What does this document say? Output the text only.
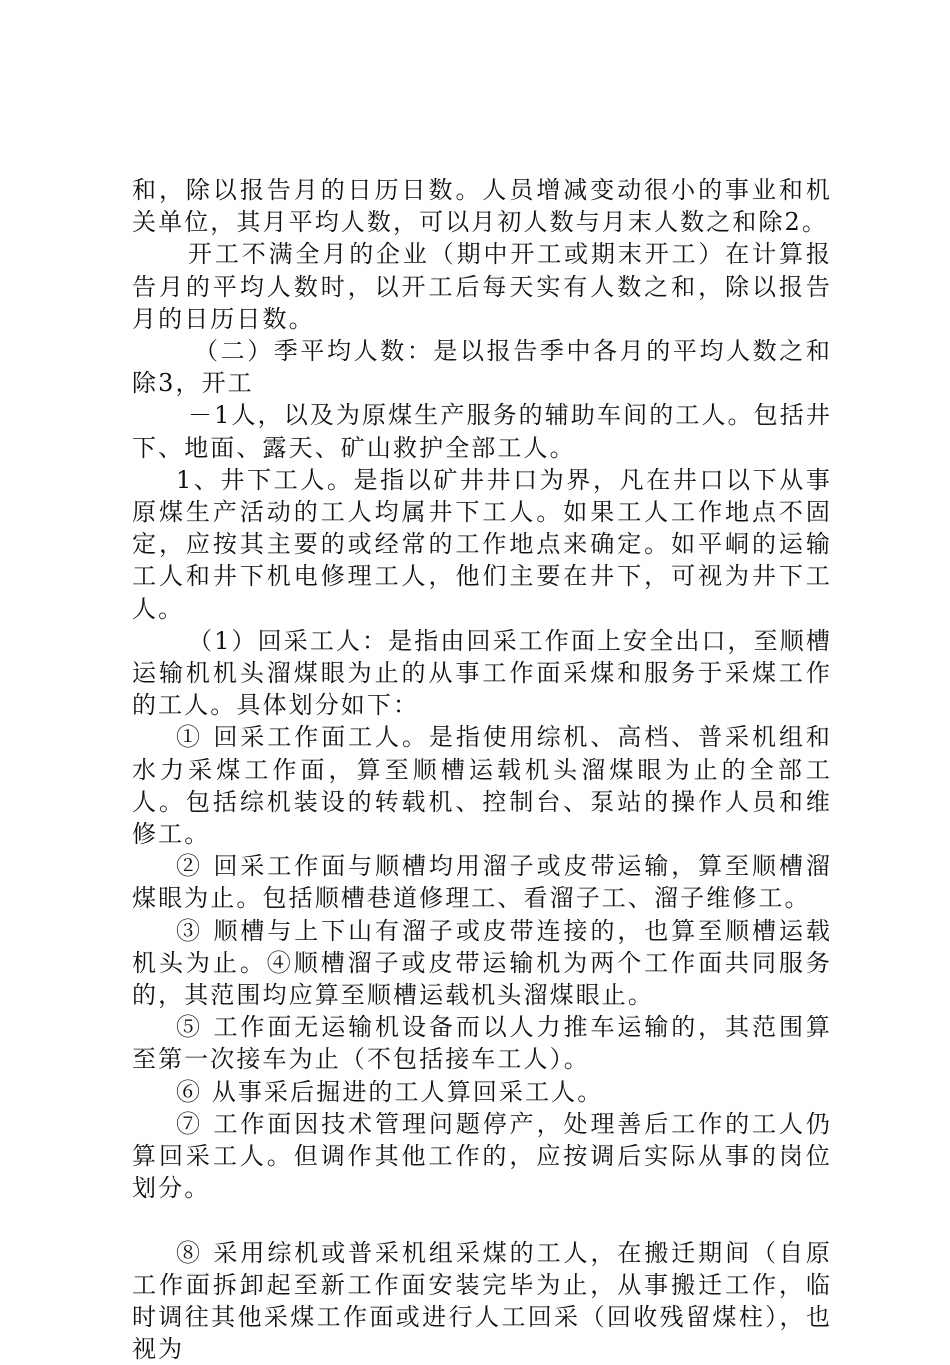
和，除以报告月的日历日数。人员增减变动很小的事业和机关单位，其月平均人数，可以月初人数与月末人数之和除2。

开工不满全月的企业（期中开工或期末开工）在计算报告月的平均人数时，以开工后每天实有人数之和，除以报告月的日历日数。

（二）季平均人数：是以报告季中各月的平均人数之和除3，开工

－1人，以及为原煤生产服务的辅助车间的工人。包括井下、地面、露天、矿山救护全部工人。

1、井下工人。是指以矿井井口为界，凡在井口以下从事原煤生产活动的工人均属井下工人。如果工人工作地点不固定，应按其主要的或经常的工作地点来确定。如平峒的运输工人和井下机电修理工人，他们主要在井下，可视为井下工人。

（1）回采工人：是指由回采工作面上安全出口，至顺槽运输机机头溜煤眼为止的从事工作面采煤和服务于采煤工作的工人。具体划分如下：

① 回采工作面工人。是指使用综机、高档、普采机组和水力采煤工作面，算至顺槽运载机头溜煤眼为止的全部工人。包括综机装设的转载机、控制台、泵站的操作人员和维修工。

② 回采工作面与顺槽均用溜子或皮带运输，算至顺槽溜煤眼为止。包括顺槽巷道修理工、看溜子工、溜子维修工。

③ 顺槽与上下山有溜子或皮带连接的，也算至顺槽运载机头为止。④顺槽溜子或皮带运输机为两个工作面共同服务的，其范围均应算至顺槽运载机头溜煤眼止。

⑤ 工作面无运输机设备而以人力推车运输的，其范围算至第一次接车为止（不包括接车工人）。

⑥ 从事采后掘进的工人算回采工人。

⑦ 工作面因技术管理问题停产，处理善后工作的工人仍算回采工人。但调作其他工作的，应按调后实际从事的岗位划分。

⑧ 采用综机或普采机组采煤的工人，在搬迁期间（自原工作面拆卸起至新工作面安装完毕为止，从事搬迁工作，临时调往其他采煤工作面或进行人工回采（回收残留煤柱），也视为
